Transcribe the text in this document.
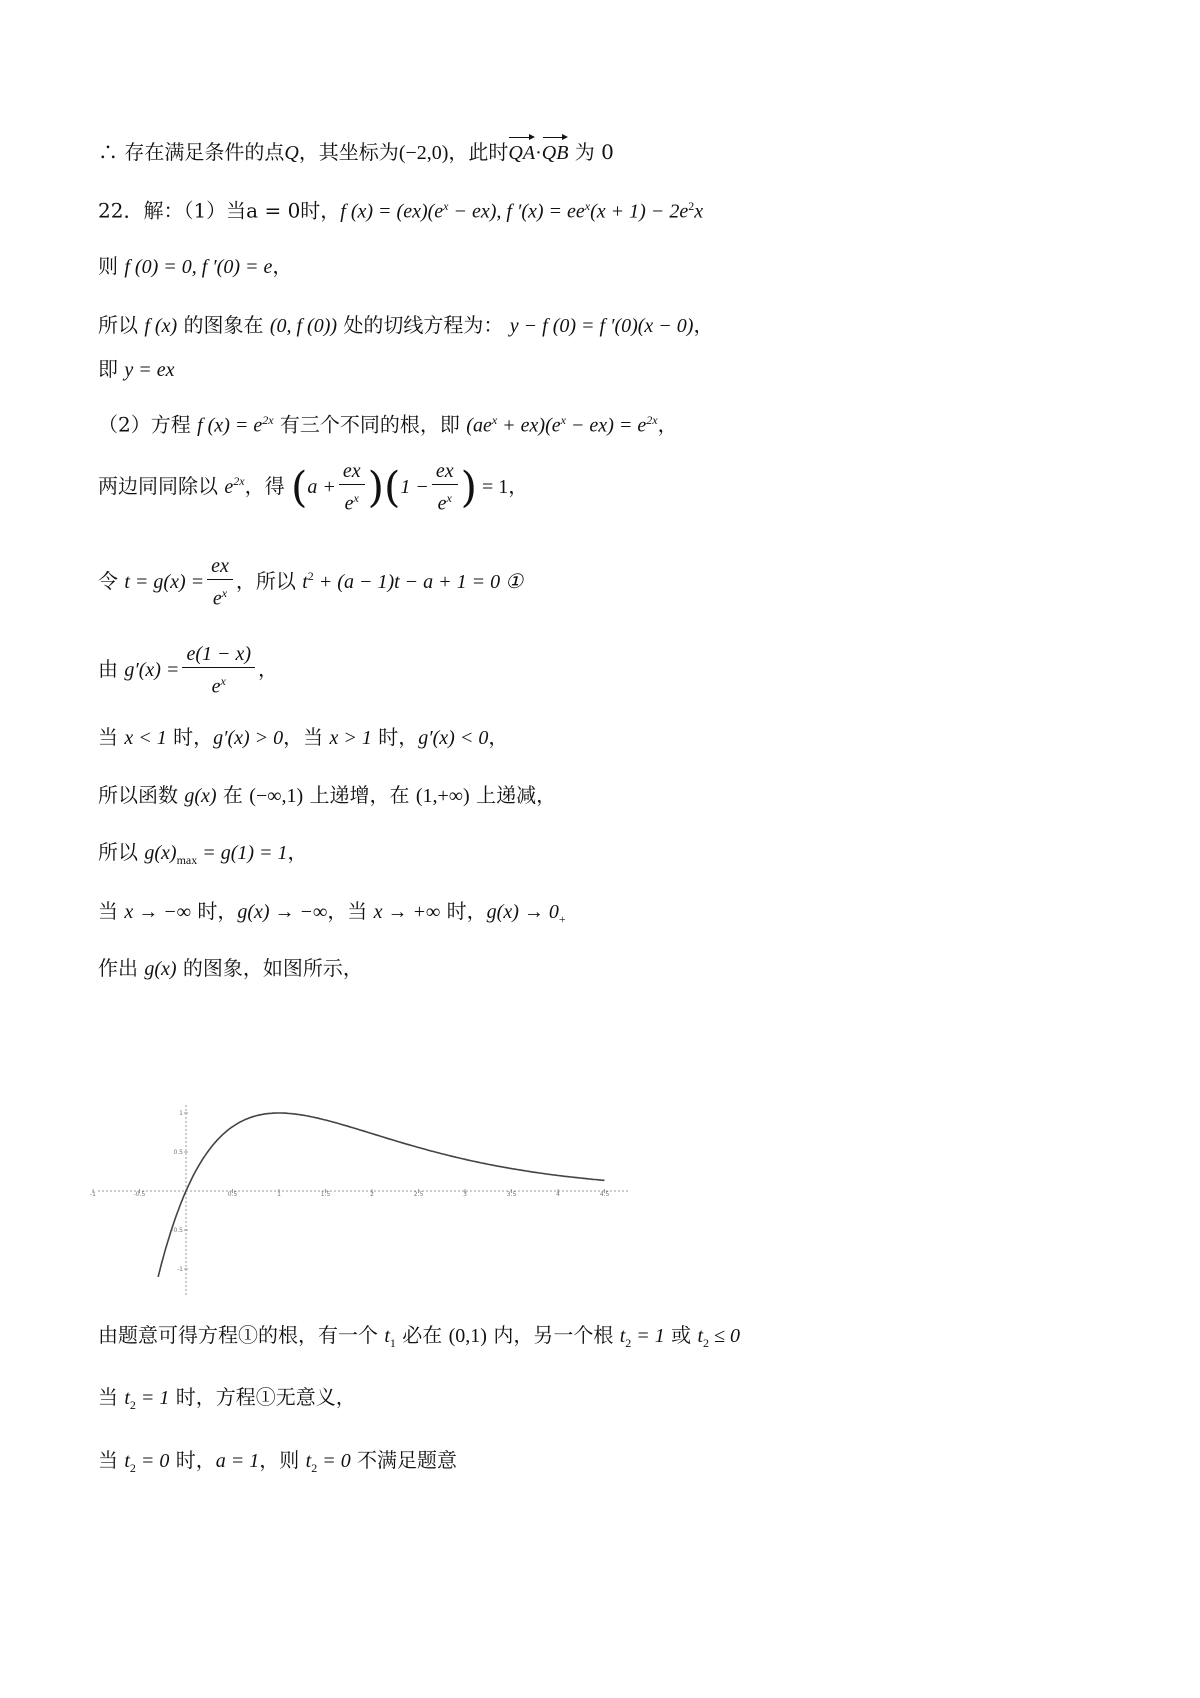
∴ 存在满足条件的点Q，其坐标为(−2,0)，此时QA·QB 为 0
22．解：（1）当a = 0时，f $(x) = (ex)(e^x - ex)$, f $'(x) = ee^x(x + 1) - 2e^2x$
则 f (0) = 0, f ′(0) = e，
所以 f (x) 的图象在 (0, f (0)) 处的切线方程为： y − f (0) = f ′(0)(x − 0)，
即 y = ex
（2）方程 f $(x) = e^{2x}$ 有三个不同的根，即 $(ae^x + ex)(e^x - ex) = e^{2x}$，
两边同同除以 $e^{2x}$，得 $(a + \frac{ex}{e^x} )(1 - \frac{ex}{e^x}$ ) = 1，
令 $t = g(x) = \frac{ex}{e^x}$ ，所以 $t^2 + (a - 1)t - a + 1 = 0$ ①
由 $g'(x) = \frac{e(1 - x)}{e^x}$ ，
当 x < 1 时，g′(x) > 0，当 x > 1 时，g′(x) < 0，
所以函数 g(x) 在 (−∞,1) 上递增，在 (1,+∞) 上递减，
所以 $g(x)_{max} = g(1) = 1$，
当 x → −∞ 时，g(x) → −∞，当 x → +∞ 时，$g(x) \to 0_+$
作出 g(x) 的图象，如图所示，
-1	-0.5	0.5	1	1.5	2	2.5	3	3.5	4	4.5
1
0.5
-0.5
-1
由题意可得方程①的根，有一个 $t_1$ 必在 (0,1) 内，另一个根 $t_2 = 1$ 或 $t_2 \le 0$
当 $t_2 = 1$ 时，方程①无意义，
当 $t_2 = 0$ 时，a = 1，则 $t_2 = 0$ 不满足题意
